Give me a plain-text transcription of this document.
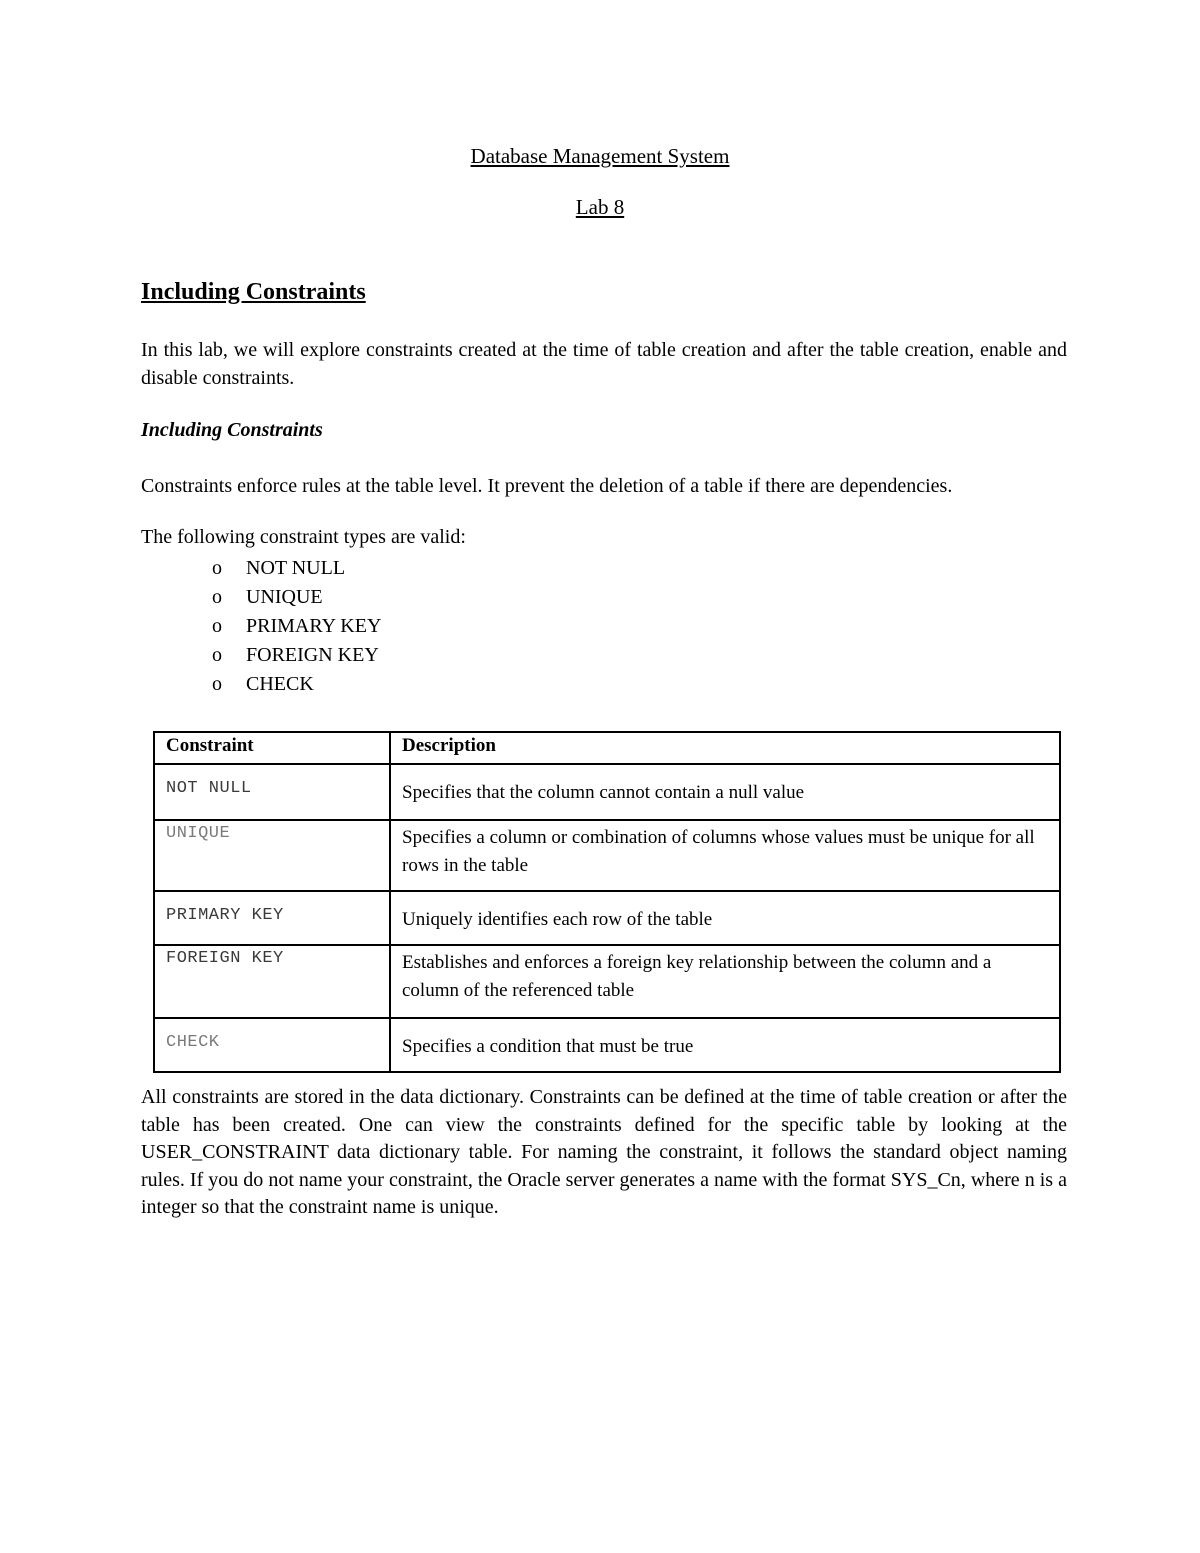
Database Management System
Lab 8
Including Constraints

In this lab, we will explore constraints created at the time of table creation and after the table creation, enable and disable constraints.

Including Constraints

Constraints enforce rules at the table level. It prevent the deletion of a table if there are dependencies.

The following constraint types are valid:

o	NOT NULL
o	UNIQUE
o	PRIMARY KEY
o	FOREIGN KEY
o	CHECK
Constraint	Description
NOT NULL	Specifies that the column cannot contain a null value
UNIQUE	Specifies a column or combination of columns whose values must be unique for all rows in the table
PRIMARY KEY	Uniquely identifies each row of the table
FOREIGN KEY	Establishes and enforces a foreign key relationship between the column and a column of the referenced table
CHECK	Specifies a condition that must be true

All constraints are stored in the data dictionary. Constraints can be defined at the time of table creation or after the table has been created. One can view the constraints defined for the specific table by looking at the USER_CONSTRAINT data dictionary table. For naming the constraint, it follows the standard object naming rules. If you do not name your constraint, the Oracle server generates a name with the format SYS_Cn, where n is a integer so that the constraint name is unique.
